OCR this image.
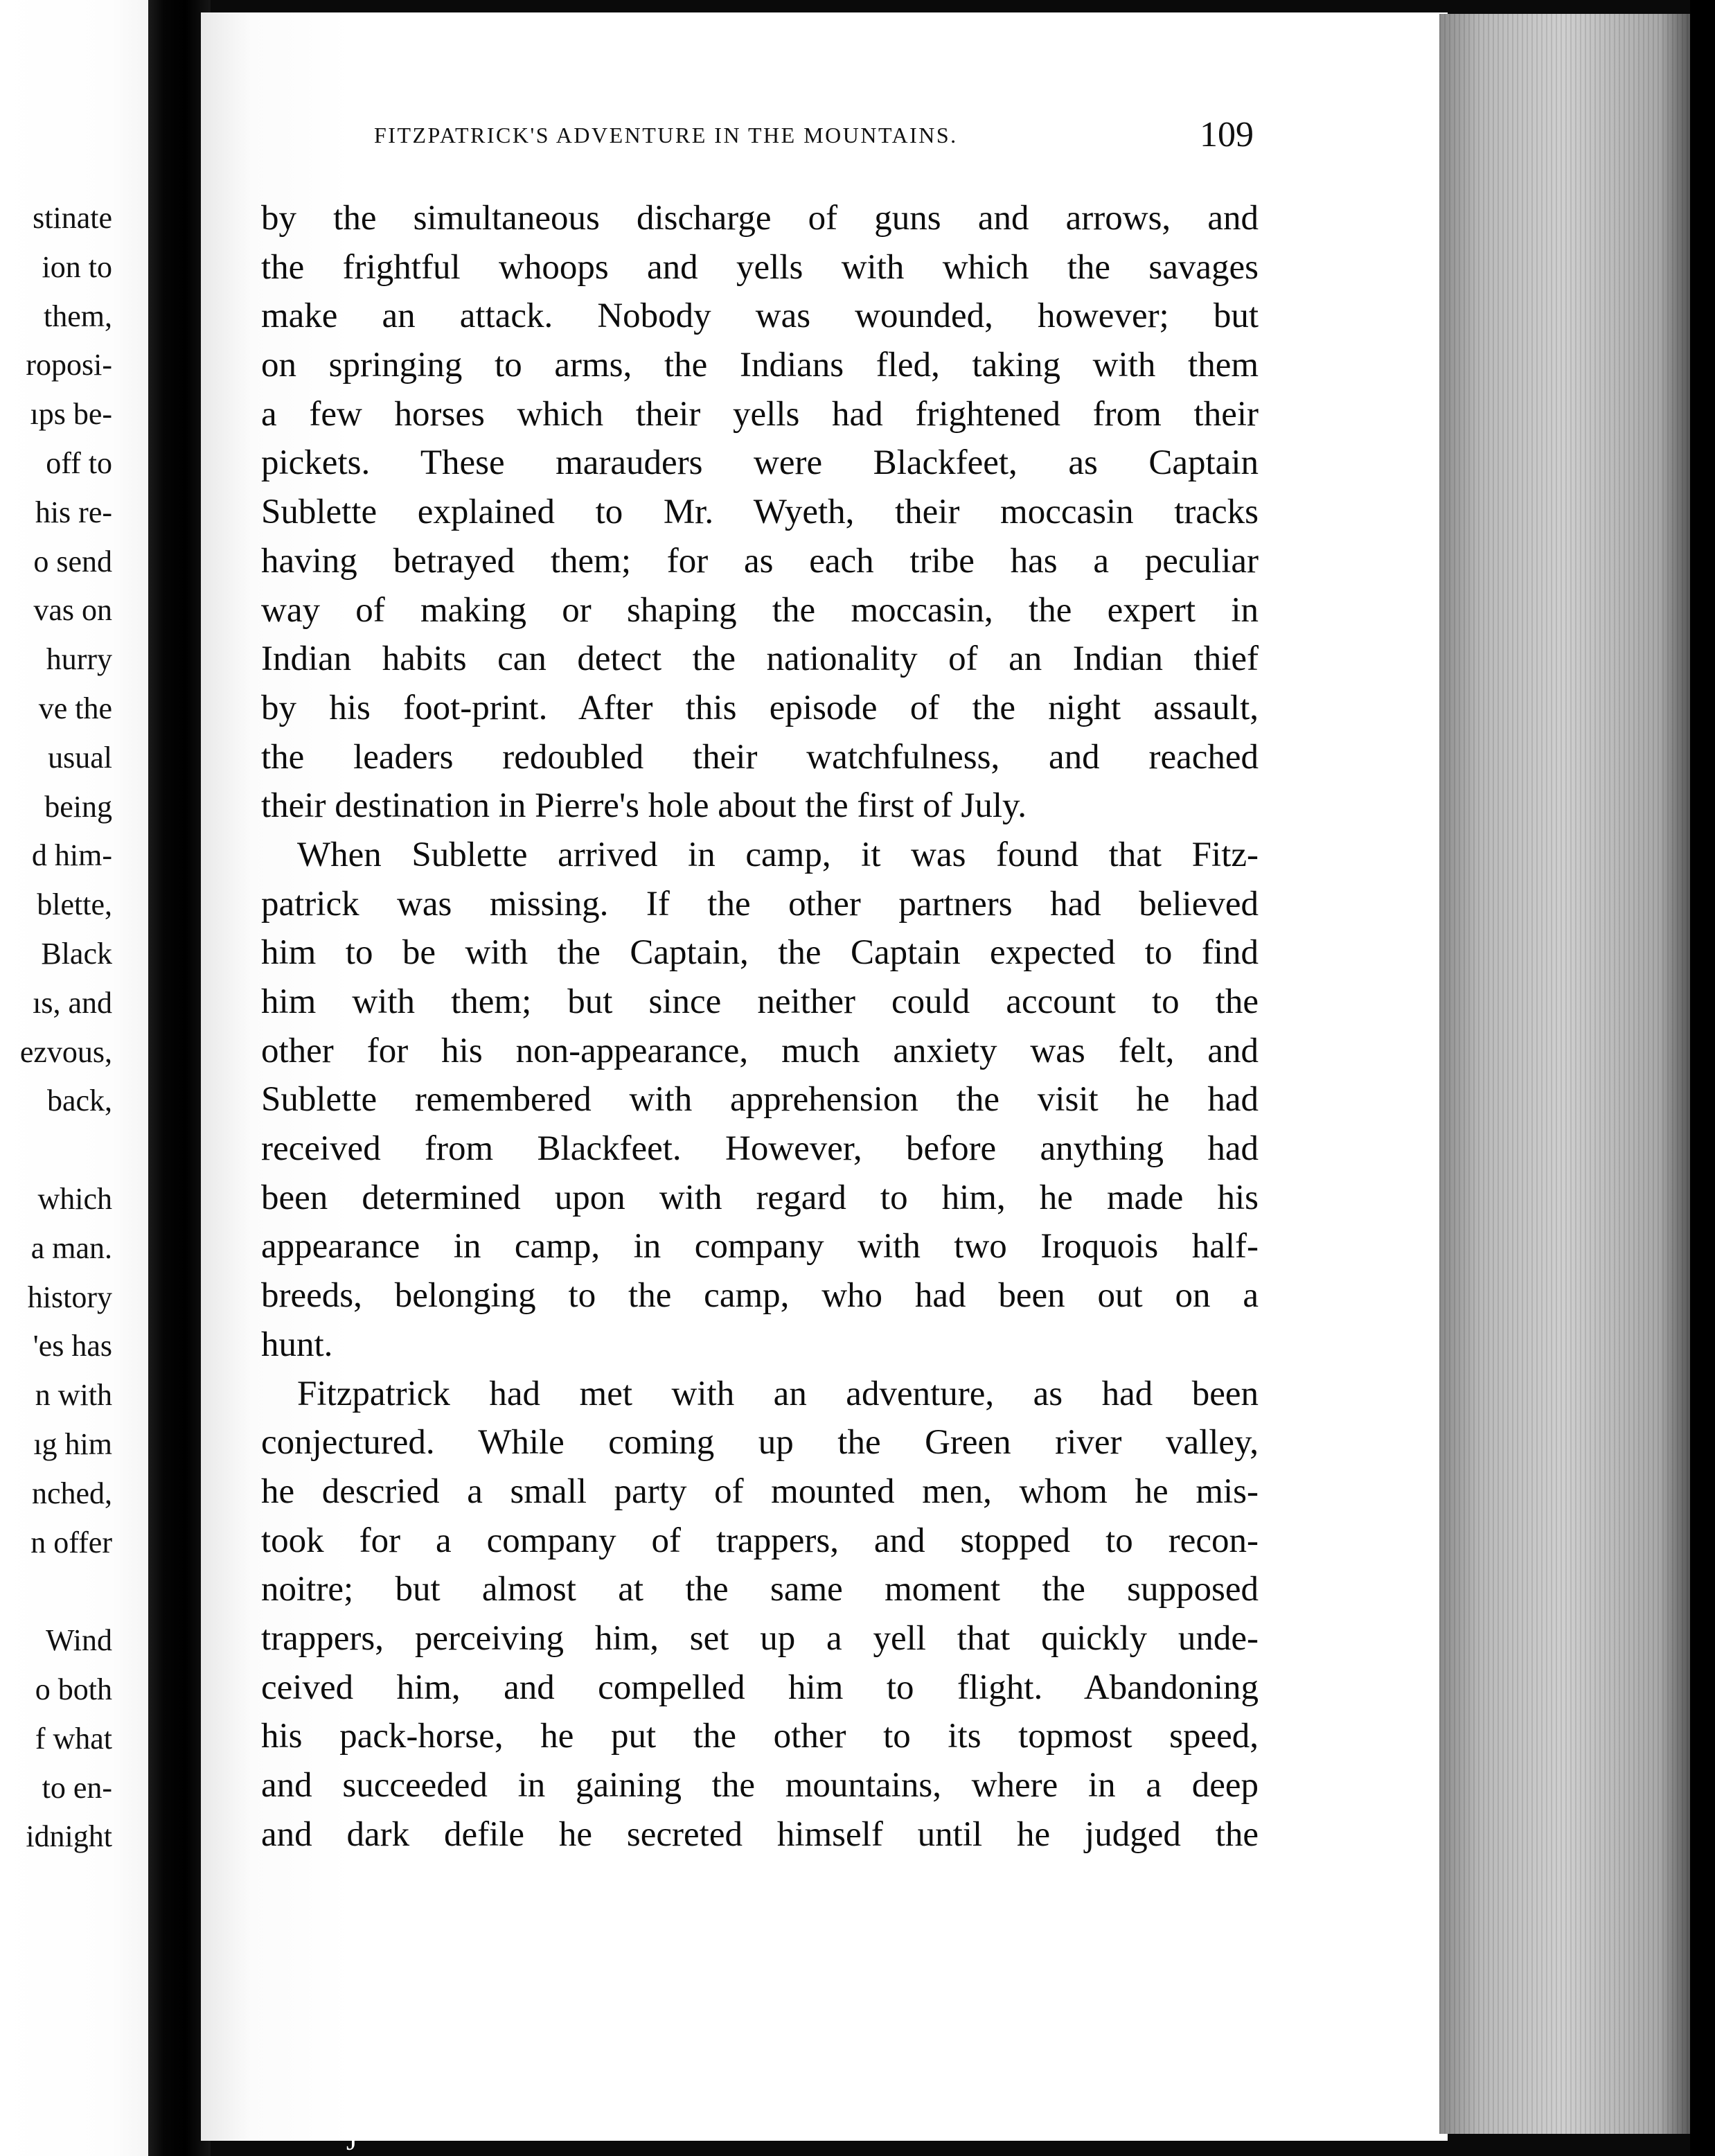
stinate
ion to
them,
roposi-
ıps be-
off to
his re-
o send
vas on
hurry
ve the
usual
being
d him-
blette,
Black
ıs, and
ezvous,
back,
which
a man.
history
'es has
n with
ıg him
nched,
n offer
Wind
o both
f what
to en-
idnight
FITZPATRICK'S ADVENTURE IN THE MOUNTAINS.	109
by the simultaneous discharge of guns and arrows, and
the frightful whoops and yells with which the savages
make an attack. Nobody was wounded, however; but
on springing to arms, the Indians fled, taking with them
a few horses which their yells had frightened from their
pickets. These marauders were Blackfeet, as Captain
Sublette explained to Mr. Wyeth, their moccasin tracks
having betrayed them; for as each tribe has a peculiar
way of making or shaping the moccasin, the expert in
Indian habits can detect the nationality of an Indian thief
by his foot-print. After this episode of the night assault,
the leaders redoubled their watchfulness, and reached
their destination in Pierre's hole about the first of July.
When Sublette arrived in camp, it was found that Fitz-
patrick was missing. If the other partners had believed
him to be with the Captain, the Captain expected to find
him with them; but since neither could account to the
other for his non-appearance, much anxiety was felt, and
Sublette remembered with apprehension the visit he had
received from Blackfeet. However, before anything had
been determined upon with regard to him, he made his
appearance in camp, in company with two Iroquois half-
breeds, belonging to the camp, who had been out on a
hunt.
Fitzpatrick had met with an adventure, as had been
conjectured. While coming up the Green river valley,
he descried a small party of mounted men, whom he mis-
took for a company of trappers, and stopped to recon-
noitre; but almost at the same moment the supposed
trappers, perceiving him, set up a yell that quickly unde-
ceived him, and compelled him to flight. Abandoning
his pack-horse, he put the other to its topmost speed,
and succeeded in gaining the mountains, where in a deep
and dark defile he secreted himself until he judged the
J
